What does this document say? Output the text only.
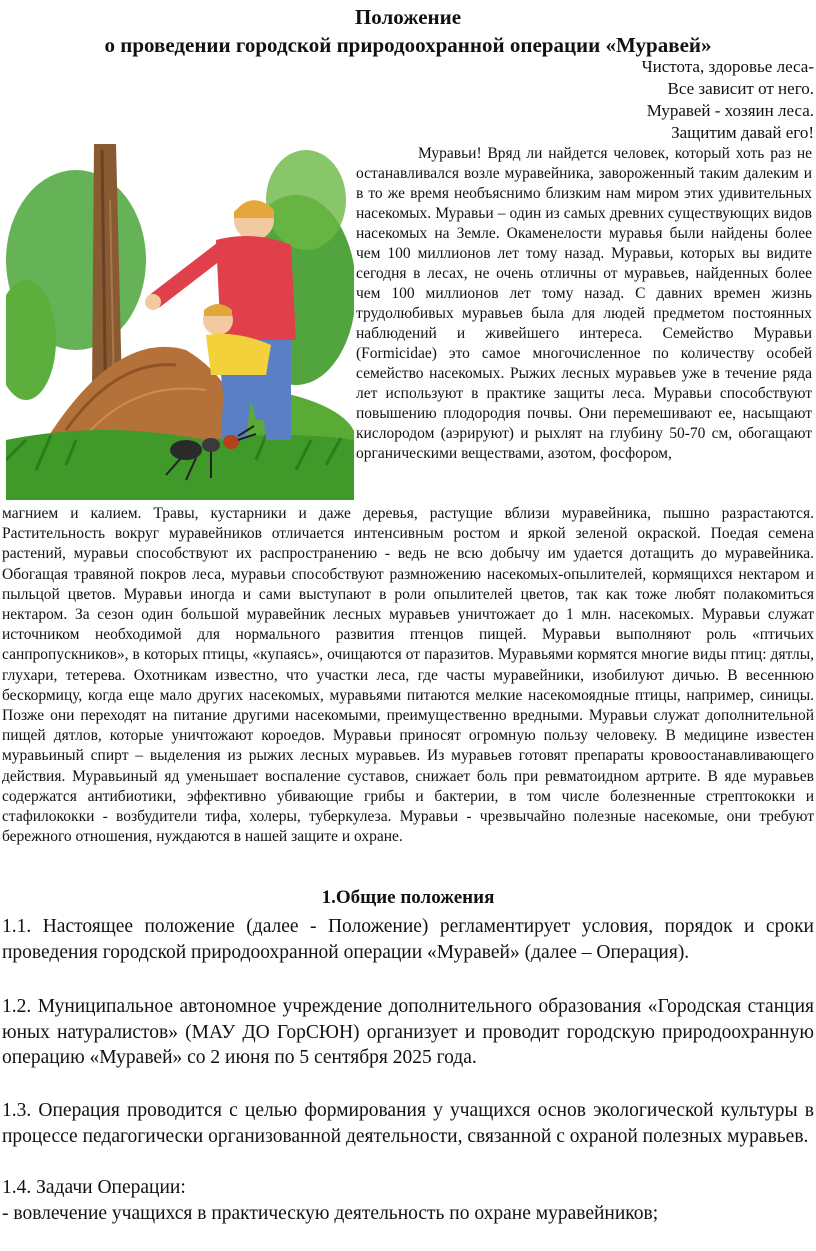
Положение
о проведении городской природоохранной операции «Муравей»
Чистота, здоровье леса-
Все зависит от него.
Муравей - хозяин леса.
Защитим давай его!
Муравьи! Вряд ли найдется человек, который хоть раз не останавливался возле муравейника, завороженный таким далеким и в то же время необъяснимо близким нам миром этих удивительных насекомых. Муравьи – один из самых древних существующих видов насекомых на Земле. Окаменелости муравья были найдены более чем 100 миллионов лет тому назад. Муравьи, которых вы видите сегодня в лесах, не очень отличны от муравьев, найденных более чем 100 миллионов лет тому назад. С давних времен жизнь трудолюбивых муравьев была для людей предметом постоянных наблюдений и живейшего интереса. Семейство Муравьи (Formicidae) это самое многочисленное по количеству особей семейство насекомых. Рыжих лесных муравьев уже в течение ряда лет используют в практике защиты леса. Муравьи способствуют повышению плодородия почвы. Они перемешивают ее, насыщают кислородом (аэрируют) и рыхлят на глубину 50-70 см, обогащают органическими веществами, азотом, фосфором,
магнием и калием. Травы, кустарники и даже деревья, растущие вблизи муравейника, пышно разрастаются. Растительность вокруг муравейников отличается интенсивным ростом и яркой зеленой окраской. Поедая семена растений, муравьи способствуют их распространению - ведь не всю добычу им удается дотащить до муравейника. Обогащая травяной покров леса, муравьи способствуют размножению насекомых-опылителей, кормящихся нектаром и пыльцой цветов. Муравьи иногда и сами выступают в роли опылителей цветов, так как тоже любят полакомиться нектаром. За сезон один большой муравейник лесных муравьев уничтожает до 1 млн. насекомых. Муравьи служат источником необходимой для нормального развития птенцов пищей. Муравьи выполняют роль «птичьих санпропускников», в которых птицы, «купаясь», очищаются от паразитов. Муравьями кормятся многие виды птиц: дятлы, глухари, тетерева. Охотникам известно, что участки леса, где часты муравейники, изобилуют дичью. В весеннюю бескормицу, когда еще мало других насекомых, муравьями питаются мелкие насекомоядные птицы, например, синицы. Позже они переходят на питание другими насекомыми, преимущественно вредными. Муравьи служат дополнительной пищей дятлов, которые уничтожают короедов. Муравьи приносят огромную пользу человеку. В медицине известен муравьиный спирт – выделения из рыжих лесных муравьев. Из муравьев готовят препараты кровоостанавливающего действия. Муравьиный яд уменьшает воспаление суставов, снижает боль при ревматоидном артрите. В яде муравьев содержатся антибиотики, эффективно убивающие грибы и бактерии, в том числе болезненные стрептококки и стафилококки - возбудители тифа, холеры, туберкулеза. Муравьи - чрезвычайно полезные насекомые, они требуют бережного отношения, нуждаются в нашей защите и охране.
1.Общие положения
1.1. Настоящее положение (далее - Положение) регламентирует условия, порядок и сроки проведения городской природоохранной операции «Муравей» (далее – Операция).
1.2. Муниципальное автономное учреждение дополнительного образования «Городская станция юных натуралистов» (МАУ ДО ГорСЮН) организует и проводит городскую природоохранную операцию «Муравей» со 2 июня по 5 сентября 2025 года.
1.3. Операция проводится с целью формирования у учащихся основ экологической культуры в процессе педагогически организованной деятельности, связанной с охраной полезных муравьев.
1.4. Задачи Операции:
- вовлечение учащихся в практическую деятельность по охране муравейников;
